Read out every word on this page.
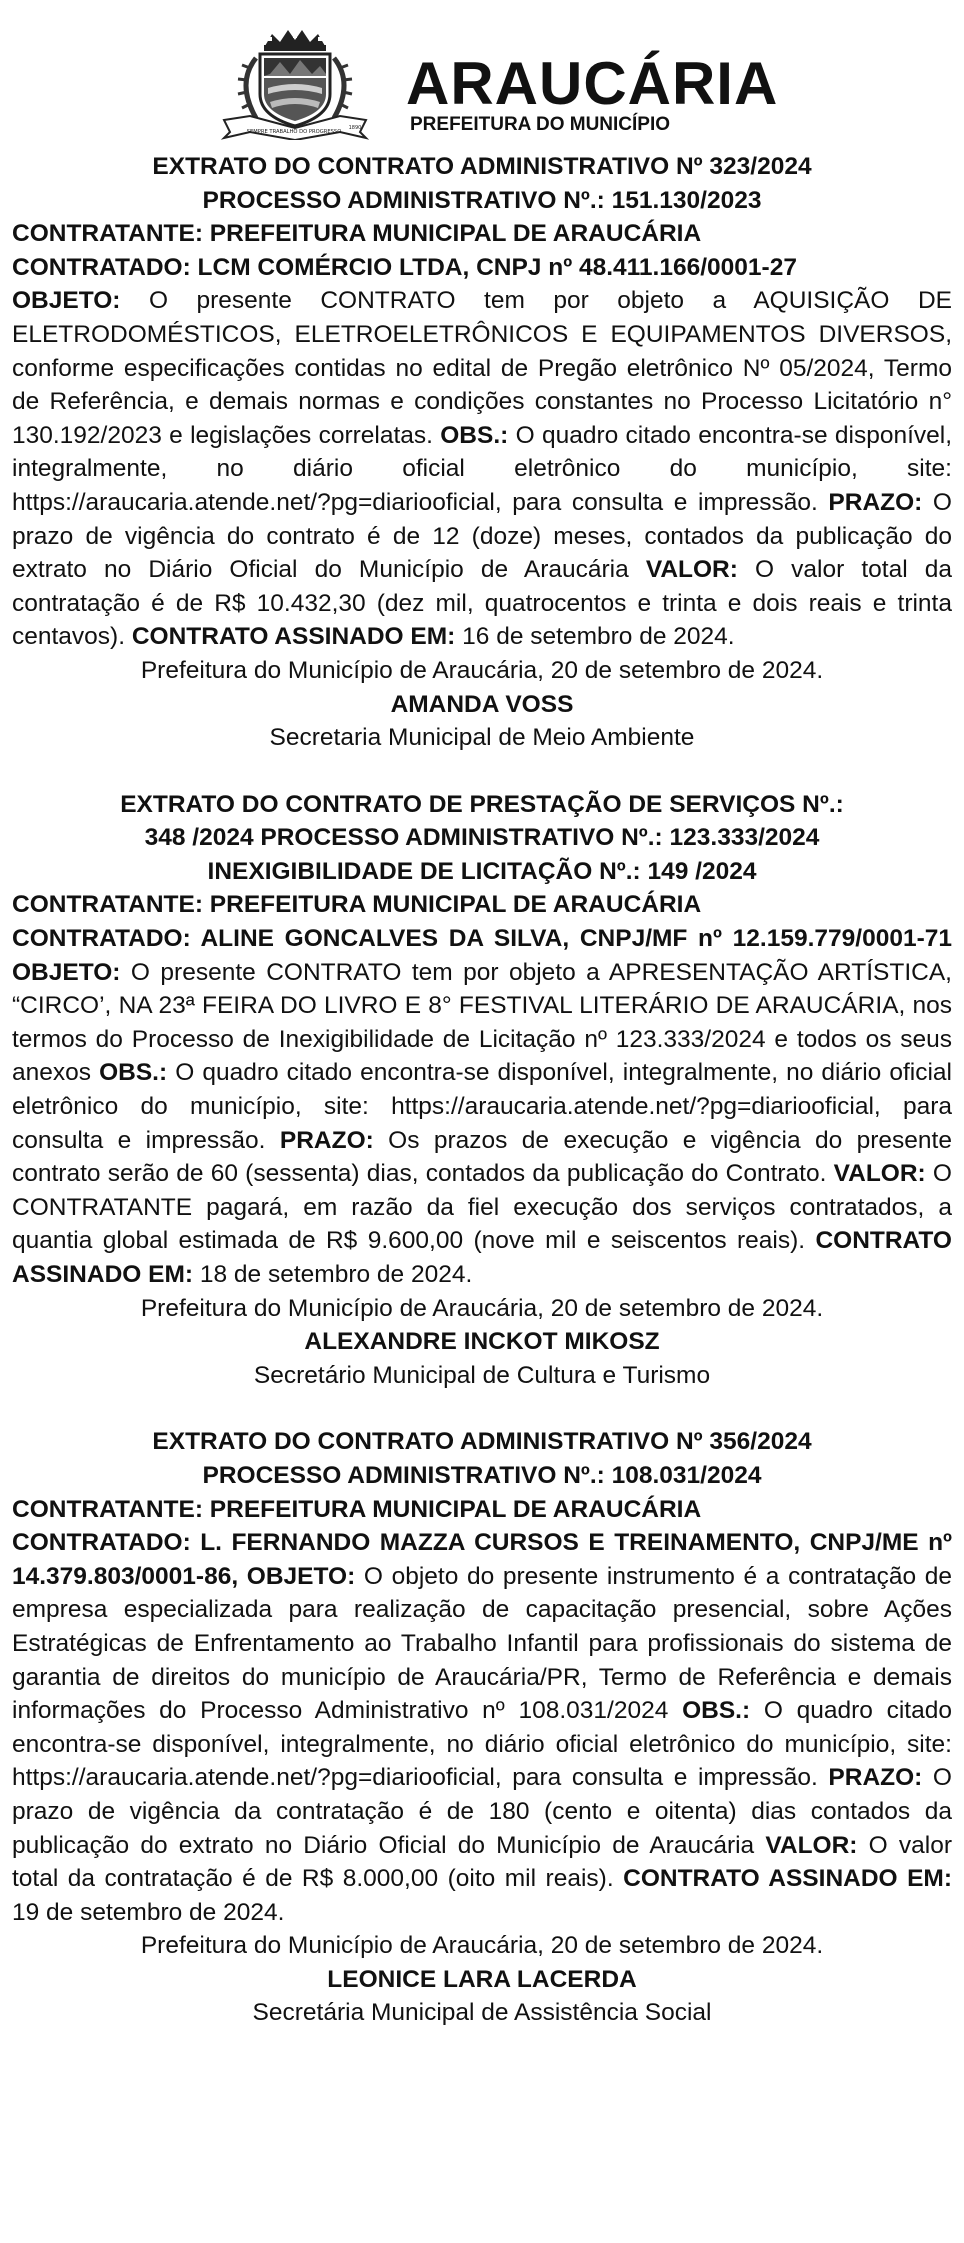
SEMPRE TRABALHO DO PROGRESSO
1890
ARAUCÁRIA
PREFEITURA DO MUNICÍPIO

EXTRATO DO CONTRATO ADMINISTRATIVO Nº 323/2024

PROCESSO ADMINISTRATIVO Nº.: 151.130/2023

CONTRATANTE: PREFEITURA MUNICIPAL DE ARAUCÁRIA

CONTRATADO: LCM COMÉRCIO LTDA, CNPJ nº 48.411.166/0001-27

OBJETO: O presente CONTRATO tem por objeto a AQUISIÇÃO DE ELETRODOMÉSTICOS, ELETROELETRÔNICOS E EQUIPAMENTOS DIVERSOS, conforme especificações contidas no edital de Pregão eletrônico Nº 05/2024, Termo de Referência, e demais normas e condições constantes no Processo Licitatório n° 130.192/2023 e legislações correlatas. OBS.: O quadro citado encontra-se disponível, integralmente, no diário oficial eletrônico do município, site: https://araucaria.atende.net/?pg=diariooficial, para consulta e impressão. PRAZO: O prazo de vigência do contrato é de 12 (doze) meses, contados da publicação do extrato no Diário Oficial do Município de Araucária VALOR: O valor total da contratação é de R$ 10.432,30 (dez mil, quatrocentos e trinta e dois reais e trinta centavos). CONTRATO ASSINADO EM: 16 de setembro de 2024.

Prefeitura do Município de Araucária, 20 de setembro de 2024.

AMANDA VOSS

Secretaria Municipal de Meio Ambiente

EXTRATO DO CONTRATO DE PRESTAÇÃO DE SERVIÇOS Nº.:

348 /2024 PROCESSO ADMINISTRATIVO Nº.: 123.333/2024

INEXIGIBILIDADE DE LICITAÇÃO Nº.: 149 /2024

CONTRATANTE: PREFEITURA MUNICIPAL DE ARAUCÁRIA

CONTRATADO: ALINE GONCALVES DA SILVA, CNPJ/MF nº 12.159.779/0001-71 OBJETO: O presente CONTRATO tem por objeto a APRESENTAÇÃO ARTÍSTICA, “CIRCO’, NA 23ª FEIRA DO LIVRO E 8° FESTIVAL LITERÁRIO DE ARAUCÁRIA, nos termos do Processo de Inexigibilidade de Licitação nº 123.333/2024 e todos os seus anexos OBS.: O quadro citado encontra-se disponível, integralmente, no diário oficial eletrônico do município, site: https://araucaria.atende.net/?pg=diariooficial, para consulta e impressão. PRAZO: Os prazos de execução e vigência do presente contrato serão de 60 (sessenta) dias, contados da publicação do Contrato. VALOR: O CONTRATANTE pagará, em razão da fiel execução dos serviços contratados, a quantia global estimada de R$ 9.600,00 (nove mil e seiscentos reais). CONTRATO ASSINADO EM: 18 de setembro de 2024.

Prefeitura do Município de Araucária, 20 de setembro de 2024.

ALEXANDRE INCKOT MIKOSZ

Secretário Municipal de Cultura e Turismo

EXTRATO DO CONTRATO ADMINISTRATIVO Nº 356/2024

PROCESSO ADMINISTRATIVO Nº.: 108.031/2024

CONTRATANTE: PREFEITURA MUNICIPAL DE ARAUCÁRIA

CONTRATADO: L. FERNANDO MAZZA CURSOS E TREINAMENTO, CNPJ/ME nº 14.379.803/0001-86, OBJETO: O objeto do presente instrumento é a contratação de empresa especializada para realização de capacitação presencial, sobre Ações Estratégicas de Enfrentamento ao Trabalho Infantil para profissionais do sistema de garantia de direitos do município de Araucária/PR, Termo de Referência e demais informações do Processo Administrativo nº 108.031/2024 OBS.: O quadro citado encontra-se disponível, integralmente, no diário oficial eletrônico do município, site: https://araucaria.atende.net/?pg=diariooficial, para consulta e impressão. PRAZO: O prazo de vigência da contratação é de 180 (cento e oitenta) dias contados da publicação do extrato no Diário Oficial do Município de Araucária VALOR: O valor total da contratação é de R$ 8.000,00 (oito mil reais). CONTRATO ASSINADO EM: 19 de setembro de 2024.

Prefeitura do Município de Araucária, 20 de setembro de 2024.

LEONICE LARA LACERDA

Secretária Municipal de Assistência Social
